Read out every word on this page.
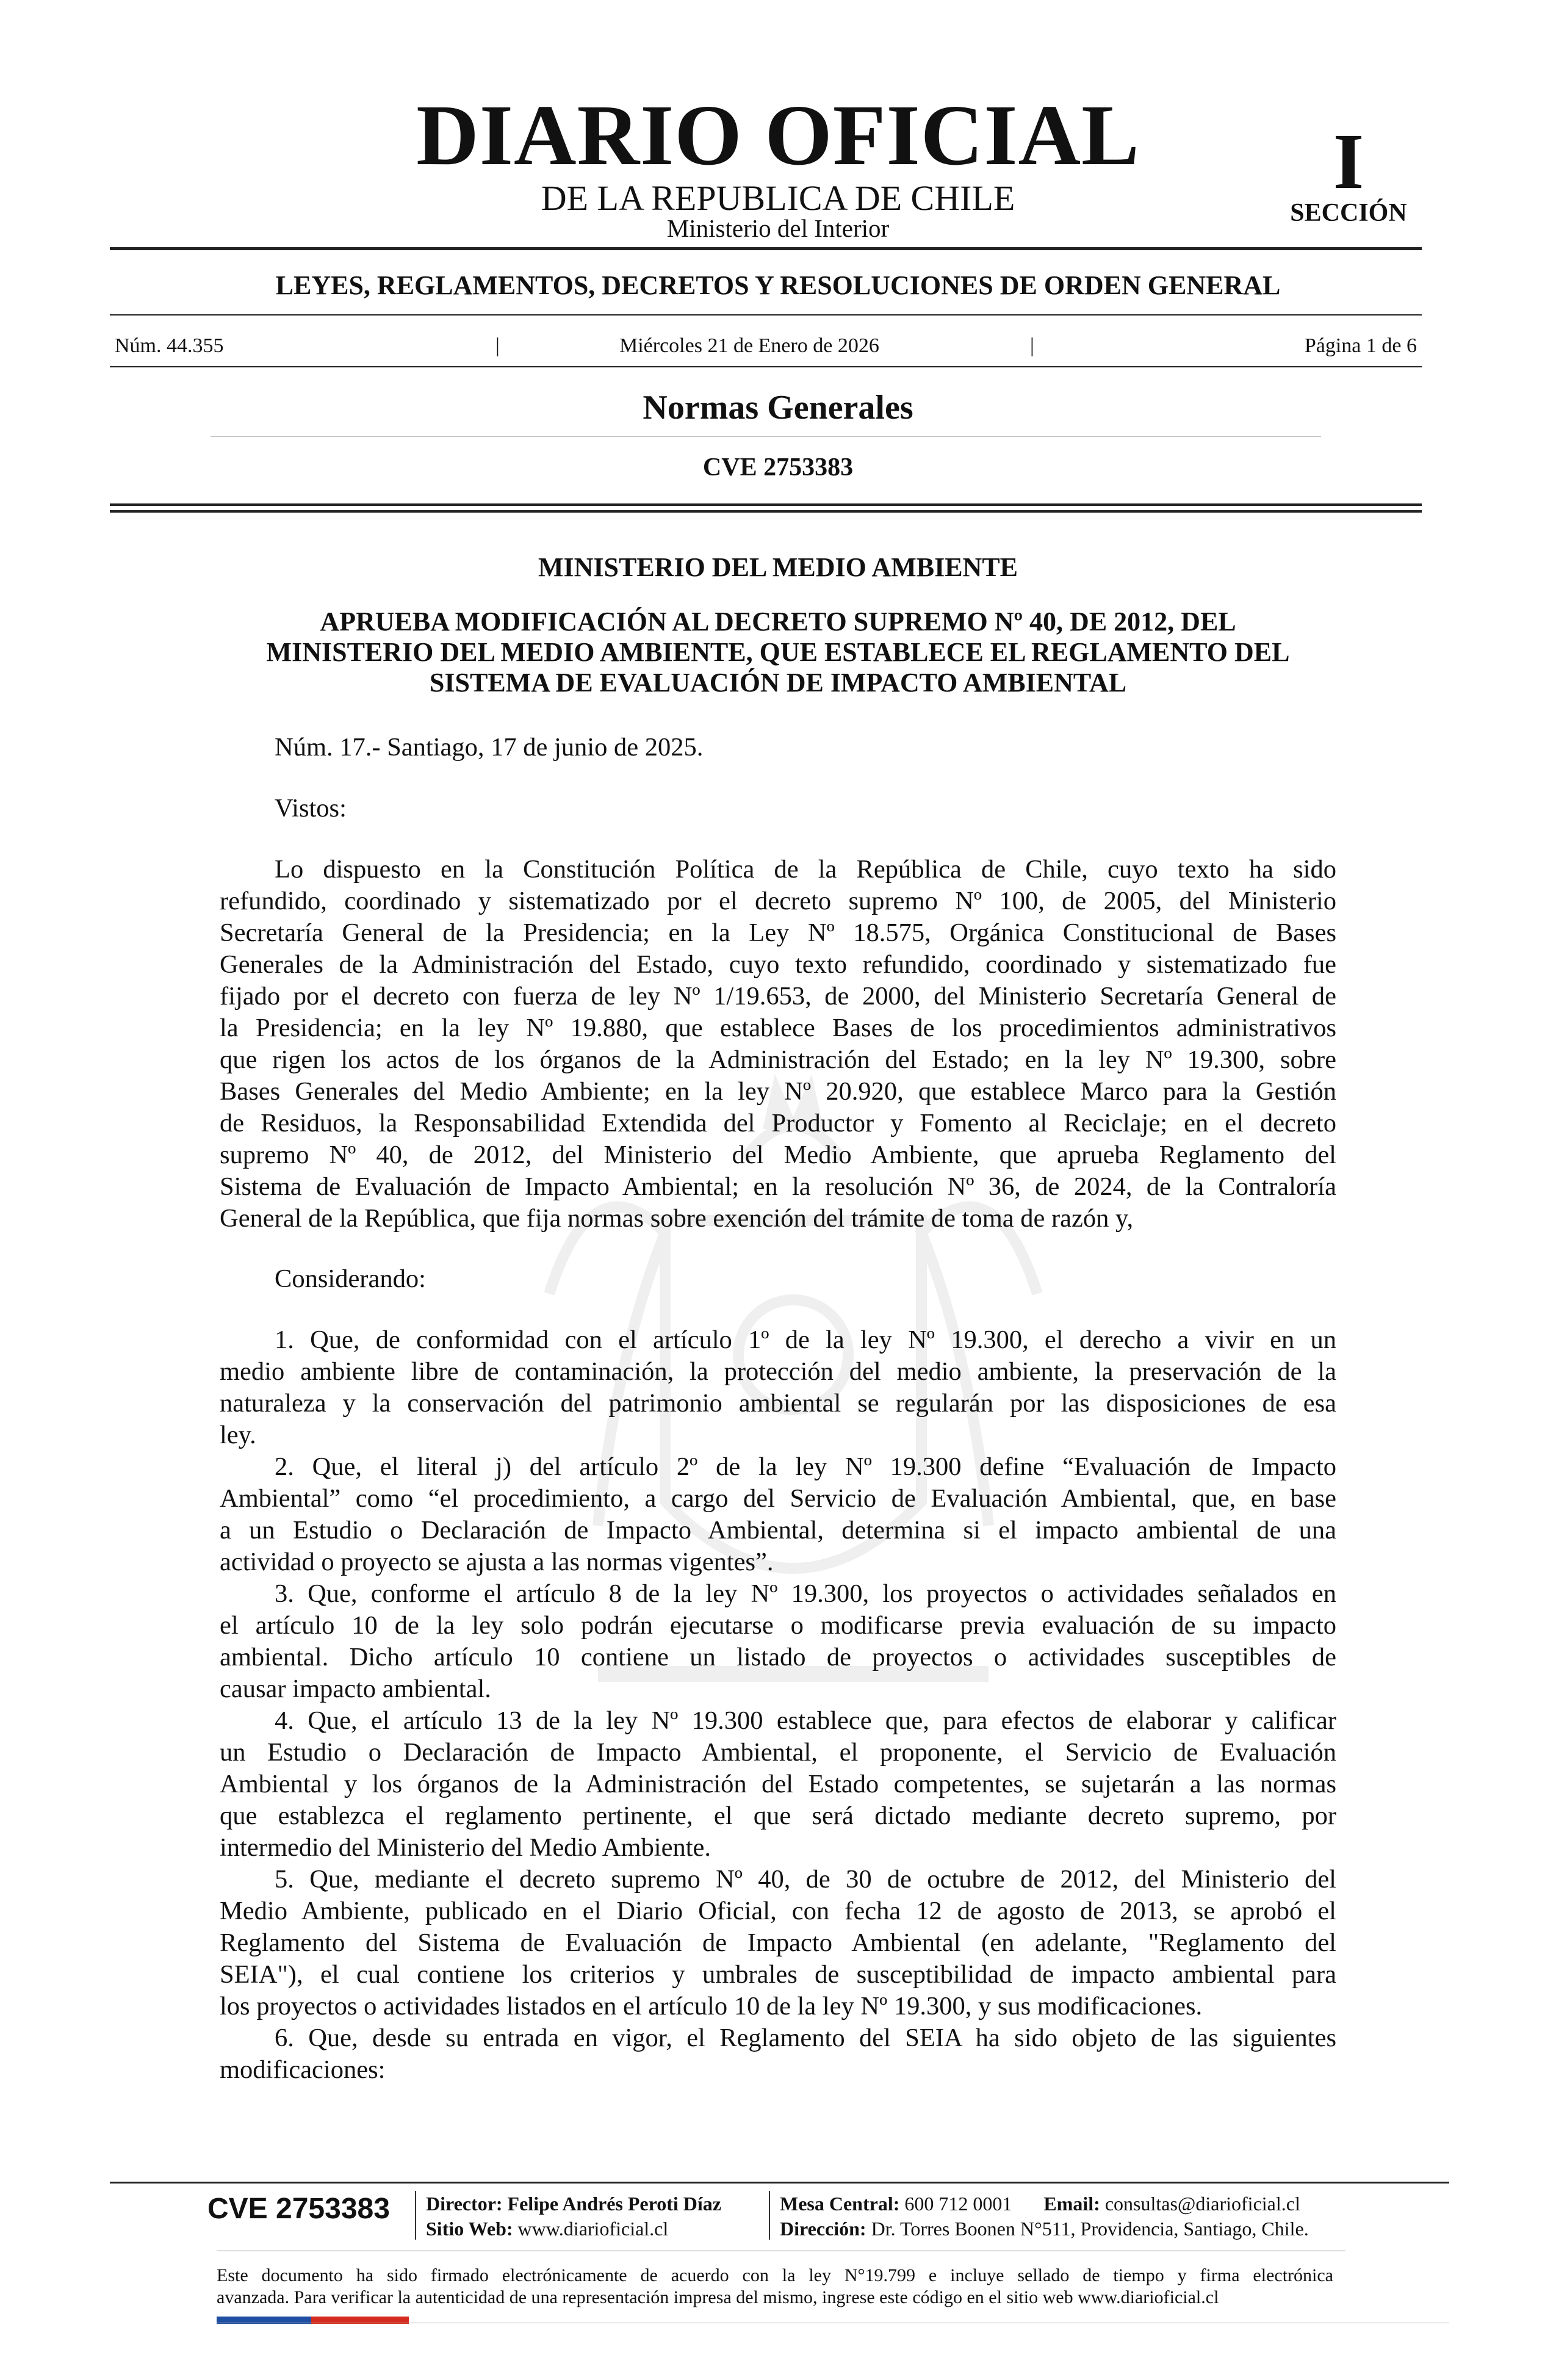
DIARIO OFICIAL
DE LA REPUBLICA DE CHILE
Ministerio del Interior
I
SECCIÓN
LEYES, REGLAMENTOS, DECRETOS Y RESOLUCIONES DE ORDEN GENERAL
Núm. 44.355	|	Miércoles 21 de Enero de 2026	|	Página 1 de 6
Normas Generales
CVE 2753383
MINISTERIO DEL MEDIO AMBIENTE
APRUEBA MODIFICACIÓN AL DECRETO SUPREMO Nº 40, DE 2012, DEL
MINISTERIO DEL MEDIO AMBIENTE, QUE ESTABLECE EL REGLAMENTO DEL
SISTEMA DE EVALUACIÓN DE IMPACTO AMBIENTAL
Núm. 17.- Santiago, 17 de junio de 2025.
Vistos:
Lo dispuesto en la Constitución Política de la República de Chile, cuyo texto ha sido
refundido, coordinado y sistematizado por el decreto supremo Nº 100, de 2005, del Ministerio
Secretaría General de la Presidencia; en la Ley Nº 18.575, Orgánica Constitucional de Bases
Generales de la Administración del Estado, cuyo texto refundido, coordinado y sistematizado fue
fijado por el decreto con fuerza de ley Nº 1/19.653, de 2000, del Ministerio Secretaría General de
la Presidencia; en la ley Nº 19.880, que establece Bases de los procedimientos administrativos
que rigen los actos de los órganos de la Administración del Estado; en la ley Nº 19.300, sobre
Bases Generales del Medio Ambiente; en la ley Nº 20.920, que establece Marco para la Gestión
de Residuos, la Responsabilidad Extendida del Productor y Fomento al Reciclaje; en el decreto
supremo Nº 40, de 2012, del Ministerio del Medio Ambiente, que aprueba Reglamento del
Sistema de Evaluación de Impacto Ambiental; en la resolución Nº 36, de 2024, de la Contraloría
General de la República, que fija normas sobre exención del trámite de toma de razón y,
Considerando:
1. Que, de conformidad con el artículo 1º de la ley Nº 19.300, el derecho a vivir en un
medio ambiente libre de contaminación, la protección del medio ambiente, la preservación de la
naturaleza y la conservación del patrimonio ambiental se regularán por las disposiciones de esa
ley.
2. Que, el literal j) del artículo 2º de la ley Nº 19.300 define “Evaluación de Impacto
Ambiental” como “el procedimiento, a cargo del Servicio de Evaluación Ambiental, que, en base
a un Estudio o Declaración de Impacto Ambiental, determina si el impacto ambiental de una
actividad o proyecto se ajusta a las normas vigentes”.
3. Que, conforme el artículo 8 de la ley Nº 19.300, los proyectos o actividades señalados en
el artículo 10 de la ley solo podrán ejecutarse o modificarse previa evaluación de su impacto
ambiental. Dicho artículo 10 contiene un listado de proyectos o actividades susceptibles de
causar impacto ambiental.
4. Que, el artículo 13 de la ley Nº 19.300 establece que, para efectos de elaborar y calificar
un Estudio o Declaración de Impacto Ambiental, el proponente, el Servicio de Evaluación
Ambiental y los órganos de la Administración del Estado competentes, se sujetarán a las normas
que establezca el reglamento pertinente, el que será dictado mediante decreto supremo, por
intermedio del Ministerio del Medio Ambiente.
5. Que, mediante el decreto supremo Nº 40, de 30 de octubre de 2012, del Ministerio del
Medio Ambiente, publicado en el Diario Oficial, con fecha 12 de agosto de 2013, se aprobó el
Reglamento del Sistema de Evaluación de Impacto Ambiental (en adelante, "Reglamento del
SEIA"), el cual contiene los criterios y umbrales de susceptibilidad de impacto ambiental para
los proyectos o actividades listados en el artículo 10 de la ley Nº 19.300, y sus modificaciones.
6. Que, desde su entrada en vigor, el Reglamento del SEIA ha sido objeto de las siguientes
modificaciones:
CVE 2753383	Director: Felipe Andrés Peroti Díaz
Sitio Web: www.diarioficial.cl
Mesa Central: 600 712 0001 Email: consultas@diarioficial.cl
Dirección: Dr. Torres Boonen N°511, Providencia, Santiago, Chile.
Este documento ha sido firmado electrónicamente de acuerdo con la ley N°19.799 e incluye sellado de tiempo y firma electrónica
avanzada. Para verificar la autenticidad de una representación impresa del mismo, ingrese este código en el sitio web www.diarioficial.cl
